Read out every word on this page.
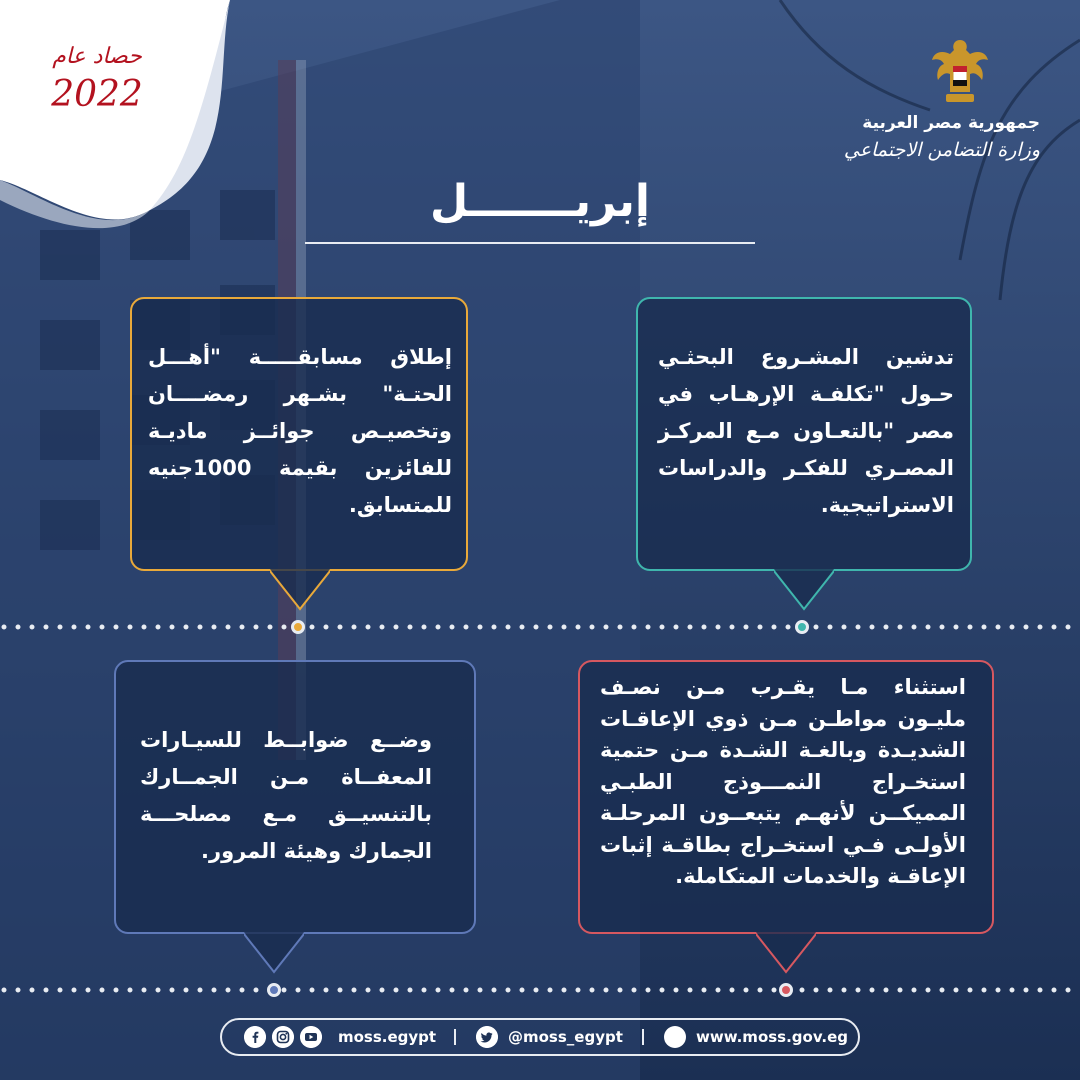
جمهورية مصر العربية
وزارة التضامن الاجتماعي
حصاد عام
2022
إبريـــــــل

إطلاق مسابقـــــة "أهـــل الحتـة" بشـهر رمضــــان وتخصيـص جوائــز ماديـة للفائزين بقيمة 1000جنيه للمتسابق.

تدشين المشـروع البحثـي حـول "تكلفـة الإرهـاب في مصر "بالتعـاون مـع المركـز المصـري للفكـر والدراسات الاستراتيجية.

وضــع ضوابــط للسيـارات المعفــاة مـن الجمــارك بالتنسيــق مـع مصلحـــة الجمارك وهيئة المرور.

استثناء مـا يقـرب مـن نصـف مليـون مواطـن مـن ذوي الإعاقـات الشديـدة وبالغـة الشـدة مـن حتمية استخـراج النمـــوذج الطبـي المميكــن لأنهـم يتبعــون المرحلـة الأولـى فـي استخـراج بطاقـة إثبات الإعاقـة والخدمات المتكاملة.

moss.egypt	@moss_egypt	www.moss.gov.eg
